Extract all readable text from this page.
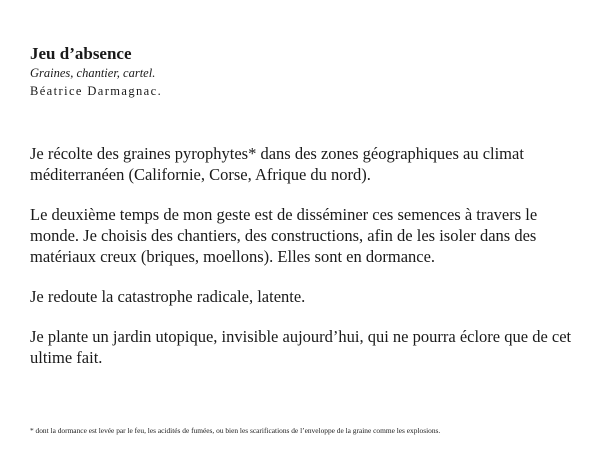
Jeu d’absence

Graines, chantier, cartel.

Béatrice Darmagnac.

Je récolte des graines pyrophytes* dans des zones géographiques au climat méditerranéen (Californie, Corse, Afrique du nord).

Le deuxième temps de mon geste est de disséminer ces semences à travers le monde. Je choisis des chantiers, des constructions, afin de les isoler dans des matériaux creux (briques, moellons). Elles sont en dormance.

Je redoute la catastrophe radicale, latente.

Je plante un jardin utopique, invisible aujourd’hui, qui ne pourra éclore que de cet ultime fait.

* dont la dormance est levée par le feu, les acidités de fumées, ou bien les scarifications de l’enveloppe de la graine comme les explosions.
